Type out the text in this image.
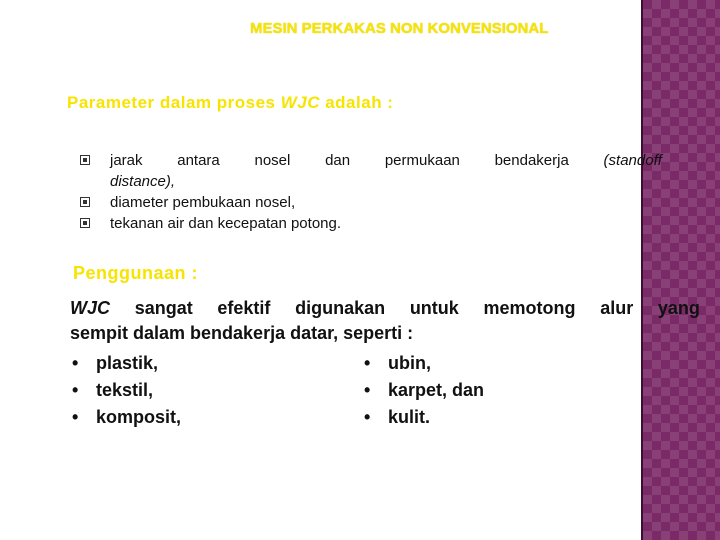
MESIN PERKAKAS NON KONVENSIONAL
Parameter dalam proses WJC adalah :
jarak antara nosel dan permukaan bendakerja (standoff
distance),
diameter pembukaan nosel,
tekanan air dan kecepatan potong.
Penggunaan :
WJC sangat efektif digunakan untuk memotong alur yang
sempit dalam bendakerja datar, seperti :
• plastik,
• tekstil,
• komposit,
• ubin,
• karpet, dan
• kulit.
